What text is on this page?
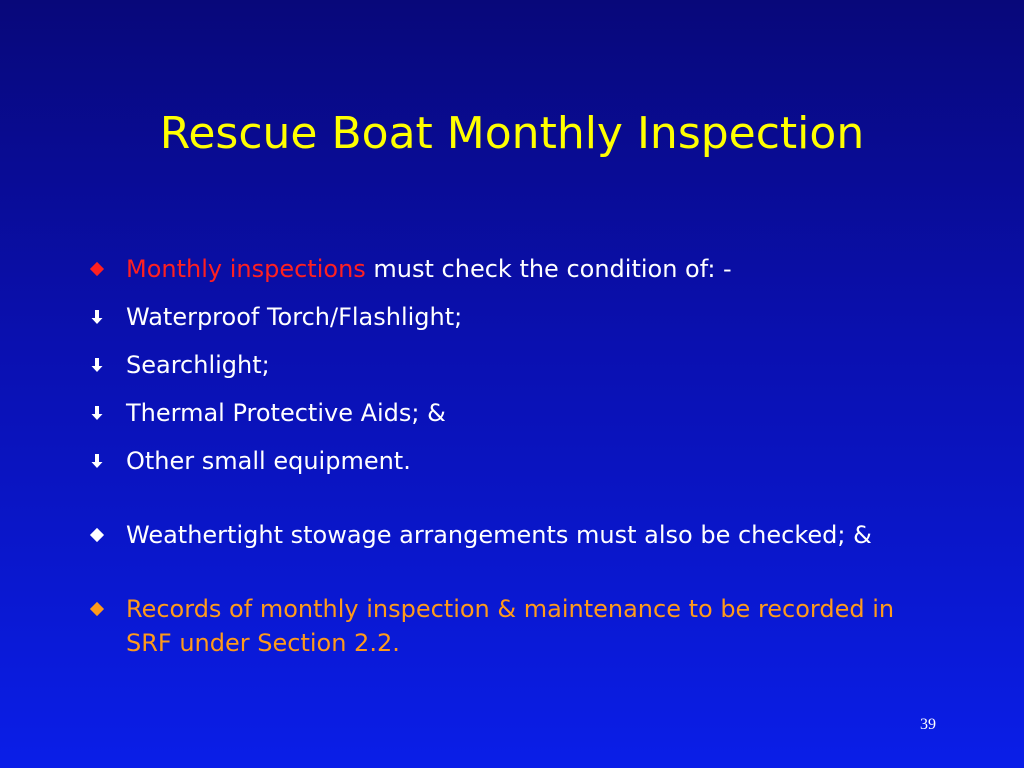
Rescue Boat Monthly Inspection
Monthly inspections must check the condition of: -
Waterproof Torch/Flashlight;
Searchlight;
Thermal Protective Aids; &
Other small equipment.
Weathertight stowage arrangements must also be checked; &
Records of monthly inspection & maintenance to be recorded in SRF under Section 2.2.
39
